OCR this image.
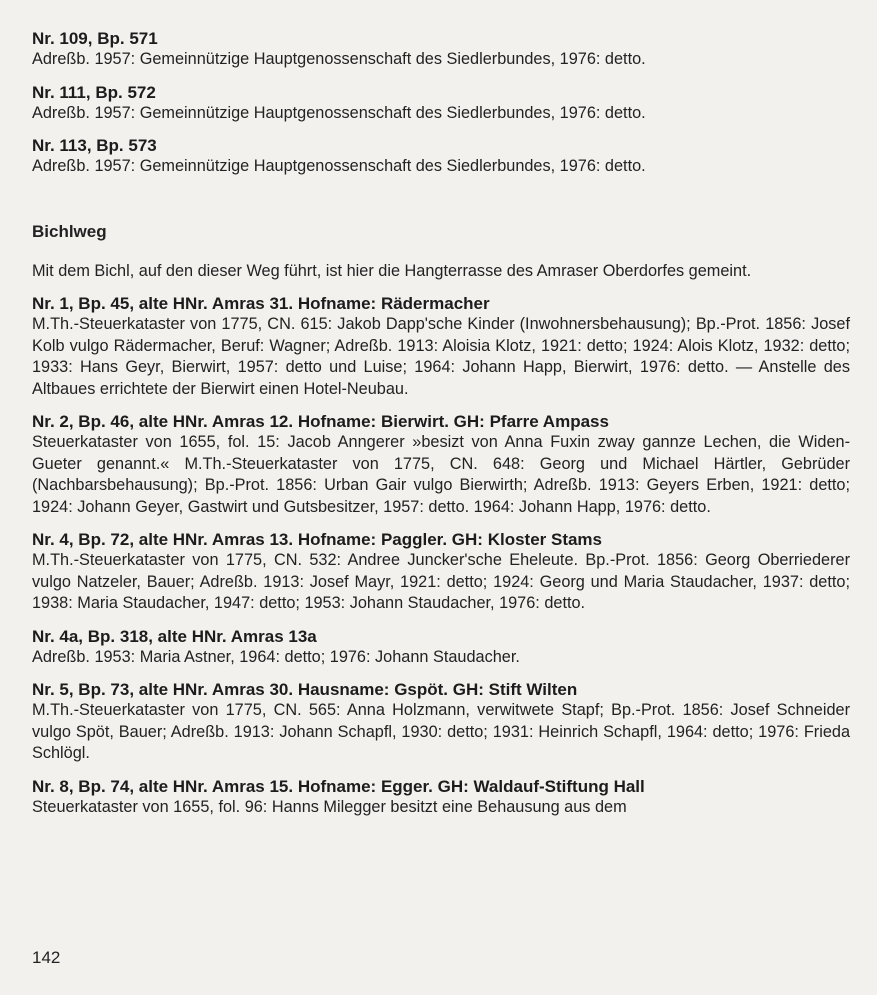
Nr. 109, Bp. 571
Adreßb. 1957: Gemeinnützige Hauptgenossenschaft des Siedlerbundes, 1976: detto.
Nr. 111, Bp. 572
Adreßb. 1957: Gemeinnützige Hauptgenossenschaft des Siedlerbundes, 1976: detto.
Nr. 113, Bp. 573
Adreßb. 1957: Gemeinnützige Hauptgenossenschaft des Siedlerbundes, 1976: detto.
Bichlweg
Mit dem Bichl, auf den dieser Weg führt, ist hier die Hangterrasse des Amraser Oberdorfes gemeint.
Nr. 1, Bp. 45, alte HNr. Amras 31. Hofname: Rädermacher
M.Th.-Steuerkataster von 1775, CN. 615: Jakob Dapp'sche Kinder (Inwohnersbehausung); Bp.-Prot. 1856: Josef Kolb vulgo Rädermacher, Beruf: Wagner; Adreßb. 1913: Aloisia Klotz, 1921: detto; 1924: Alois Klotz, 1932: detto; 1933: Hans Geyr, Bierwirt, 1957: detto und Luise; 1964: Johann Happ, Bierwirt, 1976: detto. — Anstelle des Altbaues errichtete der Bierwirt einen Hotel-Neubau.
Nr. 2, Bp. 46, alte HNr. Amras 12. Hofname: Bierwirt. GH: Pfarre Ampass
Steuerkataster von 1655, fol. 15: Jacob Anngerer »besizt von Anna Fuxin zway gannze Lechen, die Widen-Gueter genannt.« M.Th.-Steuerkataster von 1775, CN. 648: Georg und Michael Härtler, Gebrüder (Nachbarsbehausung); Bp.-Prot. 1856: Urban Gair vulgo Bierwirth; Adreßb. 1913: Geyers Erben, 1921: detto; 1924: Johann Geyer, Gastwirt und Gutsbesitzer, 1957: detto. 1964: Johann Happ, 1976: detto.
Nr. 4, Bp. 72, alte HNr. Amras 13. Hofname: Paggler. GH: Kloster Stams
M.Th.-Steuerkataster von 1775, CN. 532: Andree Juncker'sche Eheleute. Bp.-Prot. 1856: Georg Oberriederer vulgo Natzeler, Bauer; Adreßb. 1913: Josef Mayr, 1921: detto; 1924: Georg und Maria Staudacher, 1937: detto; 1938: Maria Staudacher, 1947: detto; 1953: Johann Staudacher, 1976: detto.
Nr. 4a, Bp. 318, alte HNr. Amras 13a
Adreßb. 1953: Maria Astner, 1964: detto; 1976: Johann Staudacher.
Nr. 5, Bp. 73, alte HNr. Amras 30. Hausname: Gspöt. GH: Stift Wilten
M.Th.-Steuerkataster von 1775, CN. 565: Anna Holzmann, verwitwete Stapf; Bp.-Prot. 1856: Josef Schneider vulgo Spöt, Bauer; Adreßb. 1913: Johann Schapfl, 1930: detto; 1931: Heinrich Schapfl, 1964: detto; 1976: Frieda Schlögl.
Nr. 8, Bp. 74, alte HNr. Amras 15. Hofname: Egger. GH: Waldauf-Stiftung Hall
Steuerkataster von 1655, fol. 96: Hanns Milegger besitzt eine Behausung aus dem
142
